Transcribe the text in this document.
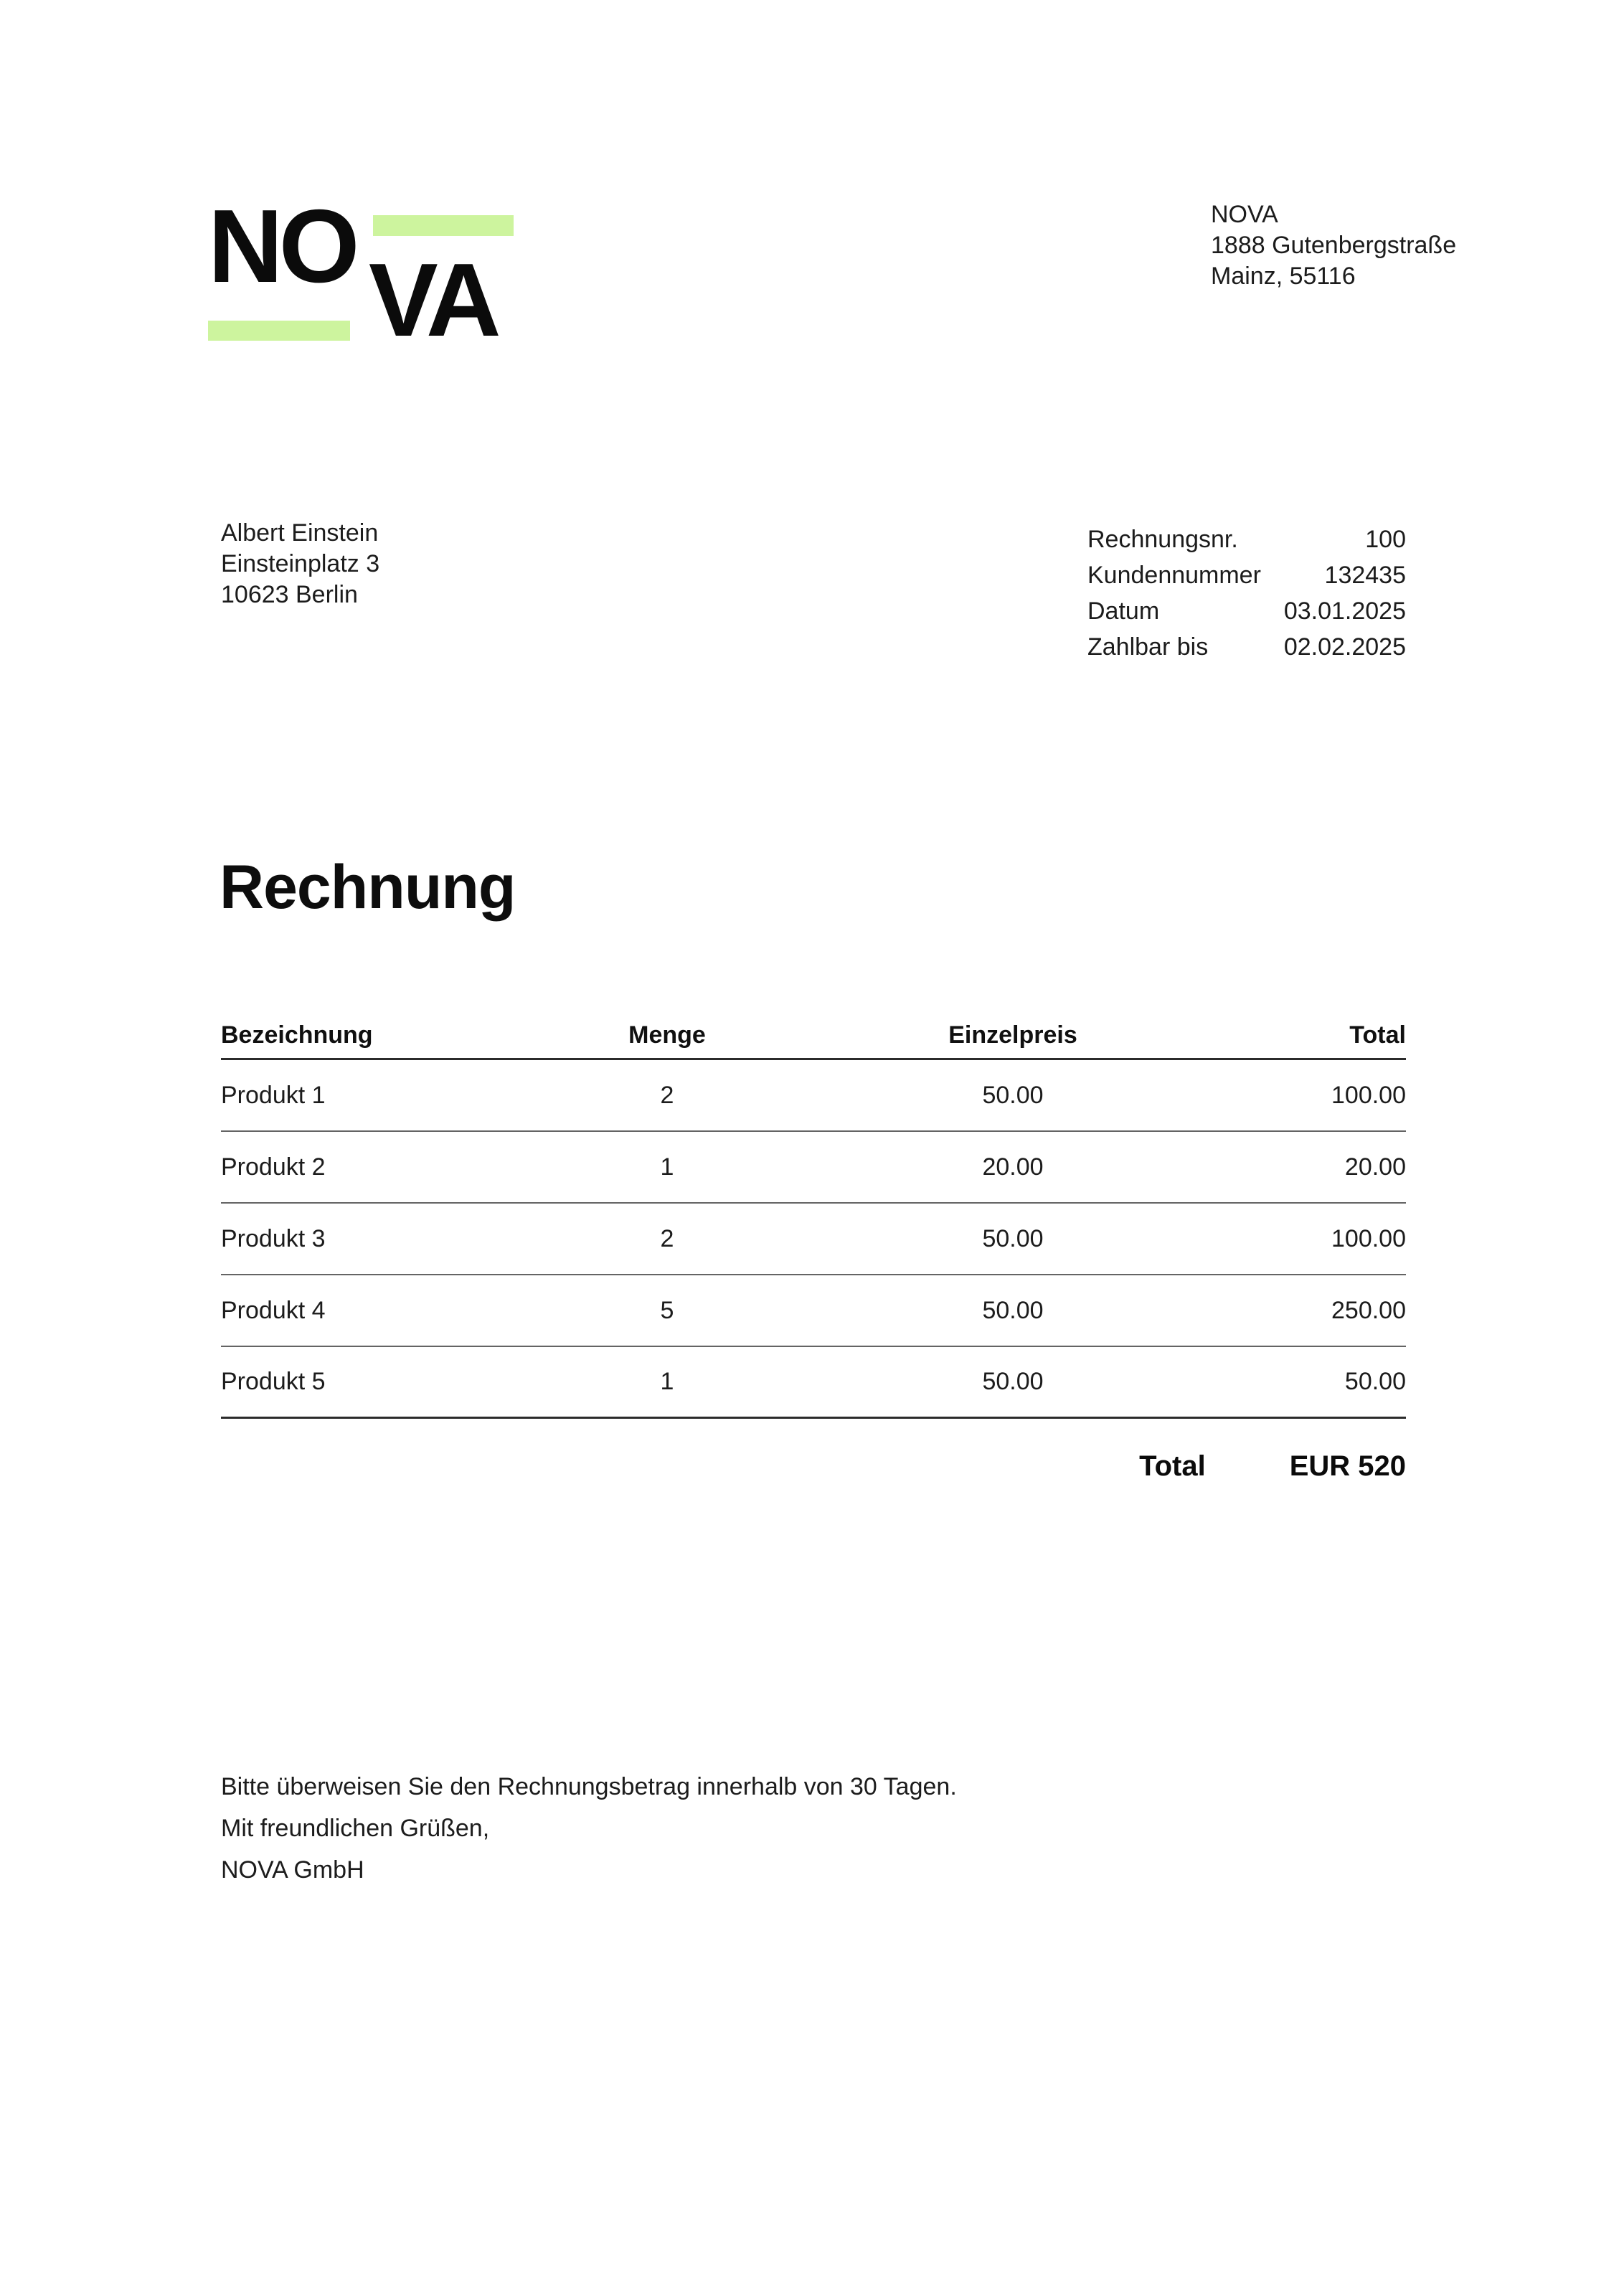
NO VA
NOVA
1888 Gutenbergstraße
Mainz, 55116
Albert Einstein
Einsteinplatz 3
10623 Berlin
Rechnungsnr.	100
Kundennummer	132435
Datum	03.01.2025
Zahlbar bis	02.02.2025
Rechnung
Bezeichnung	Menge	Einzelpreis	Total
Produkt 1	2	50.00	100.00
Produkt 2	1	20.00	20.00
Produkt 3	2	50.00	100.00
Produkt 4	5	50.00	250.00
Produkt 5	1	50.00	50.00
Total	EUR 520
Bitte überweisen Sie den Rechnungsbetrag innerhalb von 30 Tagen.
Mit freundlichen Grüßen,
NOVA GmbH
